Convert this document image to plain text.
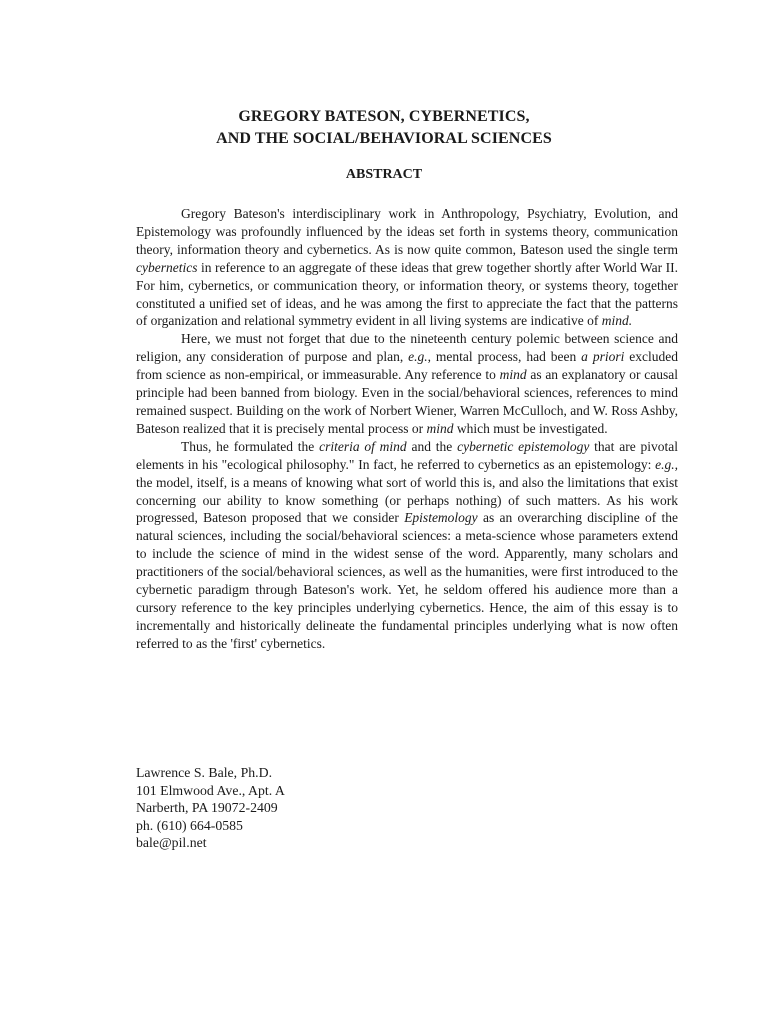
GREGORY BATESON, CYBERNETICS,
AND THE SOCIAL/BEHAVIORAL SCIENCES
ABSTRACT

Gregory Bateson's interdisciplinary work in Anthropology, Psychiatry, Evolution, and Epistemology was profoundly influenced by the ideas set forth in systems theory, communication theory, information theory and cybernetics. As is now quite common, Bateson used the single term cybernetics in reference to an aggregate of these ideas that grew together shortly after World War II. For him, cybernetics, or communication theory, or information theory, or systems theory, together constituted a unified set of ideas, and he was among the first to appreciate the fact that the patterns of organization and relational symmetry evident in all living systems are indicative of mind.

Here, we must not forget that due to the nineteenth century polemic between science and religion, any consideration of purpose and plan, e.g., mental process, had been a priori excluded from science as non-empirical, or immeasurable. Any reference to mind as an explanatory or causal principle had been banned from biology. Even in the social/behavioral sciences, references to mind remained suspect. Building on the work of Norbert Wiener, Warren McCulloch, and W. Ross Ashby, Bateson realized that it is precisely mental process or mind which must be investigated.

Thus, he formulated the criteria of mind and the cybernetic epistemology that are pivotal elements in his "ecological philosophy." In fact, he referred to cybernetics as an epistemology: e.g., the model, itself, is a means of knowing what sort of world this is, and also the limitations that exist concerning our ability to know something (or perhaps nothing) of such matters. As his work progressed, Bateson proposed that we consider Epistemology as an overarching discipline of the natural sciences, including the social/behavioral sciences: a meta-science whose parameters extend to include the science of mind in the widest sense of the word. Apparently, many scholars and practitioners of the social/behavioral sciences, as well as the humanities, were first introduced to the cybernetic paradigm through Bateson's work. Yet, he seldom offered his audience more than a cursory reference to the key principles underlying cybernetics. Hence, the aim of this essay is to incrementally and historically delineate the fundamental principles underlying what is now often referred to as the 'first' cybernetics.

Lawrence S. Bale, Ph.D.
101 Elmwood Ave., Apt. A
Narberth, PA 19072-2409
ph. (610) 664-0585
bale@pil.net
